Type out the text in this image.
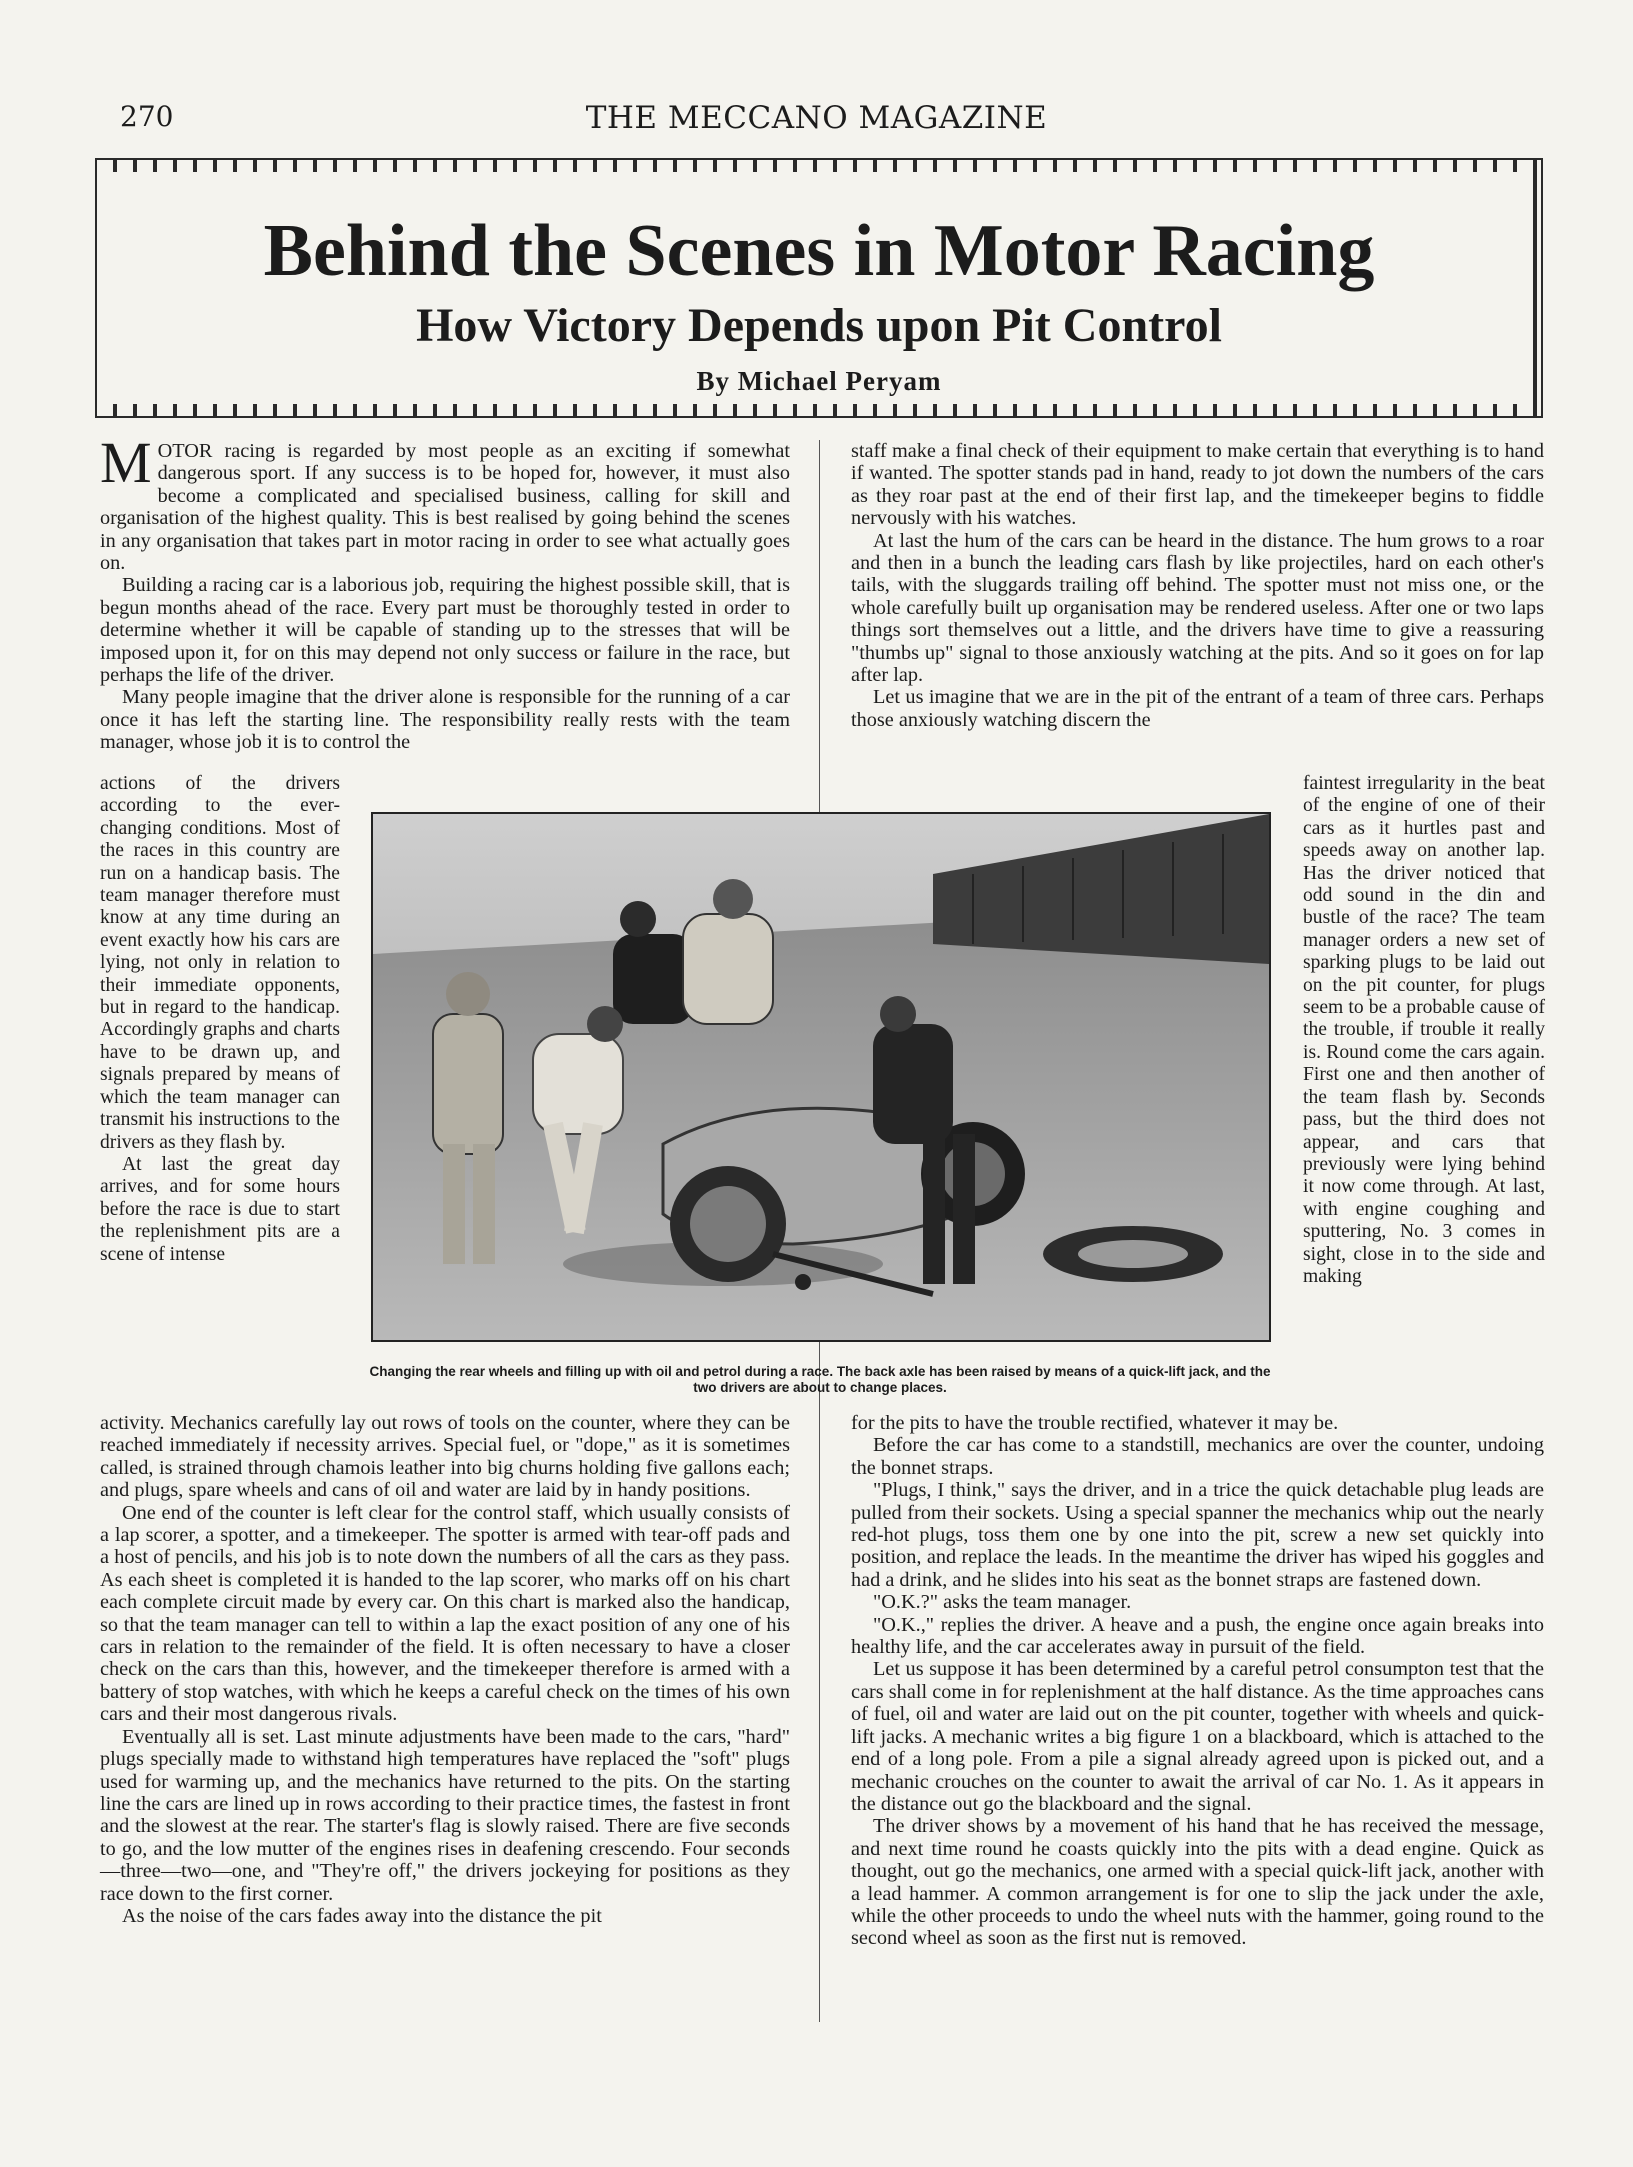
270	THE MECCANO MAGAZINE
Behind the Scenes in Motor Racing
How Victory Depends upon Pit Control
By Michael Peryam

MOTOR racing is regarded by most people as an exciting if somewhat dangerous sport. If any success is to be hoped for, however, it must also become a complicated and specialised business, calling for skill and organisation of the highest quality. This is best realised by going behind the scenes in any organisation that takes part in motor racing in order to see what actually goes on.

Building a racing car is a laborious job, requiring the highest possible skill, that is begun months ahead of the race. Every part must be thoroughly tested in order to determine whether it will be capable of standing up to the stresses that will be imposed upon it, for on this may depend not only success or failure in the race, but perhaps the life of the driver.

Many people imagine that the driver alone is responsible for the running of a car once it has left the starting line. The responsibility really rests with the team manager, whose job it is to control the

actions of the drivers according to the ever-changing conditions. Most of the races in this country are run on a handicap basis. The team manager therefore must know at any time during an event exactly how his cars are lying, not only in relation to their immediate opponents, but in regard to the handicap. Accordingly graphs and charts have to be drawn up, and signals prepared by means of which the team manager can transmit his instructions to the drivers as they flash by.

At last the great day arrives, and for some hours before the race is due to start the replenishment pits are a scene of intense

activity. Mechanics carefully lay out rows of tools on the counter, where they can be reached immediately if necessity arrives. Special fuel, or "dope," as it is sometimes called, is strained through chamois leather into big churns holding five gallons each; and plugs, spare wheels and cans of oil and water are laid by in handy positions.

One end of the counter is left clear for the control staff, which usually consists of a lap scorer, a spotter, and a timekeeper. The spotter is armed with tear-off pads and a host of pencils, and his job is to note down the numbers of all the cars as they pass. As each sheet is completed it is handed to the lap scorer, who marks off on his chart each complete circuit made by every car. On this chart is marked also the handicap, so that the team manager can tell to within a lap the exact position of any one of his cars in relation to the remainder of the field. It is often necessary to have a closer check on the cars than this, however, and the timekeeper therefore is armed with a battery of stop watches, with which he keeps a careful check on the times of his own cars and their most dangerous rivals.

Eventually all is set. Last minute adjustments have been made to the cars, "hard" plugs specially made to withstand high temperatures have replaced the "soft" plugs used for warming up, and the mechanics have returned to the pits. On the starting line the cars are lined up in rows according to their practice times, the fastest in front and the slowest at the rear. The starter's flag is slowly raised. There are five seconds to go, and the low mutter of the engines rises in deafening crescendo. Four seconds—three—two—one, and "They're off," the drivers jockeying for positions as they race down to the first corner.

As the noise of the cars fades away into the distance the pit

staff make a final check of their equipment to make certain that everything is to hand if wanted. The spotter stands pad in hand, ready to jot down the numbers of the cars as they roar past at the end of their first lap, and the timekeeper begins to fiddle nervously with his watches.

At last the hum of the cars can be heard in the distance. The hum grows to a roar and then in a bunch the leading cars flash by like projectiles, hard on each other's tails, with the sluggards trailing off behind. The spotter must not miss one, or the whole carefully built up organisation may be rendered useless. After one or two laps things sort themselves out a little, and the drivers have time to give a reassuring "thumbs up" signal to those anxiously watching at the pits. And so it goes on for lap after lap.

Let us imagine that we are in the pit of the entrant of a team of three cars. Perhaps those anxiously watching discern the

faintest irregularity in the beat of the engine of one of their cars as it hurtles past and speeds away on another lap. Has the driver noticed that odd sound in the din and bustle of the race? The team manager orders a new set of sparking plugs to be laid out on the pit counter, for plugs seem to be a probable cause of the trouble, if trouble it really is. Round come the cars again. First one and then another of the team flash by. Seconds pass, but the third does not appear, and cars that previously were lying behind it now come through. At last, with engine coughing and sputtering, No. 3 comes in sight, close in to the side and making

for the pits to have the trouble rectified, whatever it may be.

Before the car has come to a standstill, mechanics are over the counter, undoing the bonnet straps.

"Plugs, I think," says the driver, and in a trice the quick detachable plug leads are pulled from their sockets. Using a special spanner the mechanics whip out the nearly red-hot plugs, toss them one by one into the pit, screw a new set quickly into position, and replace the leads. In the meantime the driver has wiped his goggles and had a drink, and he slides into his seat as the bonnet straps are fastened down.

"O.K.?" asks the team manager.

"O.K.," replies the driver. A heave and a push, the engine once again breaks into healthy life, and the car accelerates away in pursuit of the field.

Let us suppose it has been determined by a careful petrol consumpton test that the cars shall come in for replenishment at the half distance. As the time approaches cans of fuel, oil and water are laid out on the pit counter, together with wheels and quick-lift jacks. A mechanic writes a big figure 1 on a blackboard, which is attached to the end of a long pole. From a pile a signal already agreed upon is picked out, and a mechanic crouches on the counter to await the arrival of car No. 1. As it appears in the distance out go the blackboard and the signal.

The driver shows by a movement of his hand that he has received the message, and next time round he coasts quickly into the pits with a dead engine. Quick as thought, out go the mechanics, one armed with a special quick-lift jack, another with a lead hammer. A common arrangement is for one to slip the jack under the axle, while the other proceeds to undo the wheel nuts with the hammer, going round to the second wheel as soon as the first nut is removed.

Changing the rear wheels and filling up with oil and petrol during a race. The back axle has been raised by means of a quick-lift jack, and the two drivers are about to change places.
